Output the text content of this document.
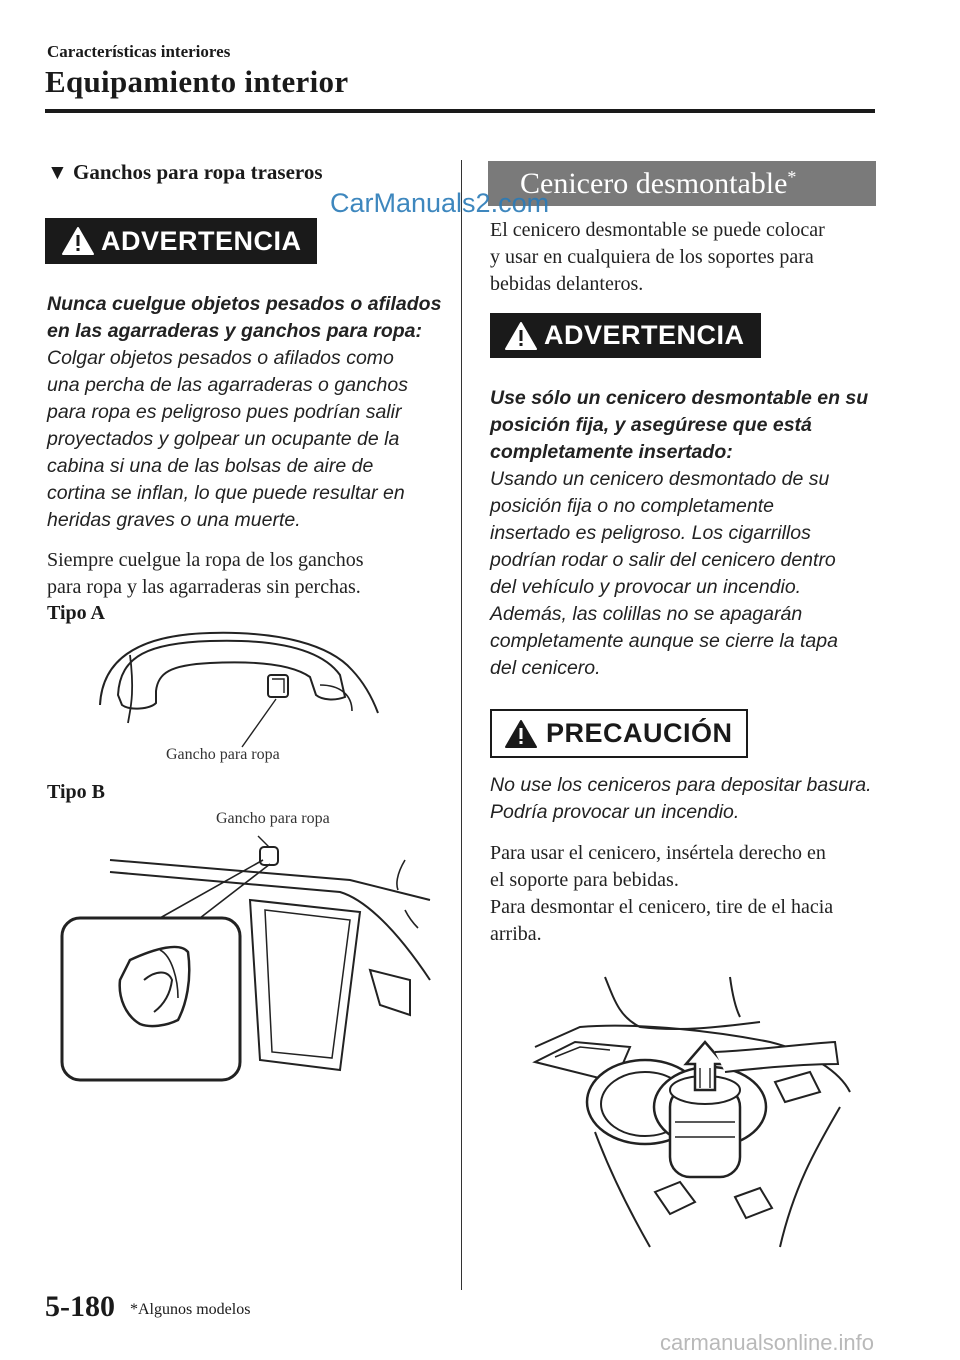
Características interiores
Equipamiento interior
▼ Ganchos para ropa traseros
ADVERTENCIA
Nunca cuelgue objetos pesados o afilados
en las agarraderas y ganchos para ropa:
Colgar objetos pesados o afilados como
una percha de las agarraderas o ganchos
para ropa es peligroso pues podrían salir
proyectados y golpear un ocupante de la
cabina si una de las bolsas de aire de
cortina se inflan, lo que puede resultar en
heridas graves o una muerte.
Siempre cuelgue la ropa de los ganchos
para ropa y las agarraderas sin perchas.
Tipo A
Gancho para ropa
Tipo B
Gancho para ropa
Cenicero desmontable*
CarManuals2.com
El cenicero desmontable se puede colocar
y usar en cualquiera de los soportes para
bebidas delanteros.
ADVERTENCIA
Use sólo un cenicero desmontable en su
posición fija, y asegúrese que está
completamente insertado:
Usando un cenicero desmontado de su
posición fija o no completamente
insertado es peligroso. Los cigarrillos
podrían rodar o salir del cenicero dentro
del vehículo y provocar un incendio.
Además, las colillas no se apagarán
completamente aunque se cierre la tapa
del cenicero.
PRECAUCIÓN
No use los ceniceros para depositar basura.
Podría provocar un incendio.
Para usar el cenicero, insértela derecho en
el soporte para bebidas.
Para desmontar el cenicero, tire de el hacia
arriba.
5-180 *Algunos modelos
carmanualsonline.info
